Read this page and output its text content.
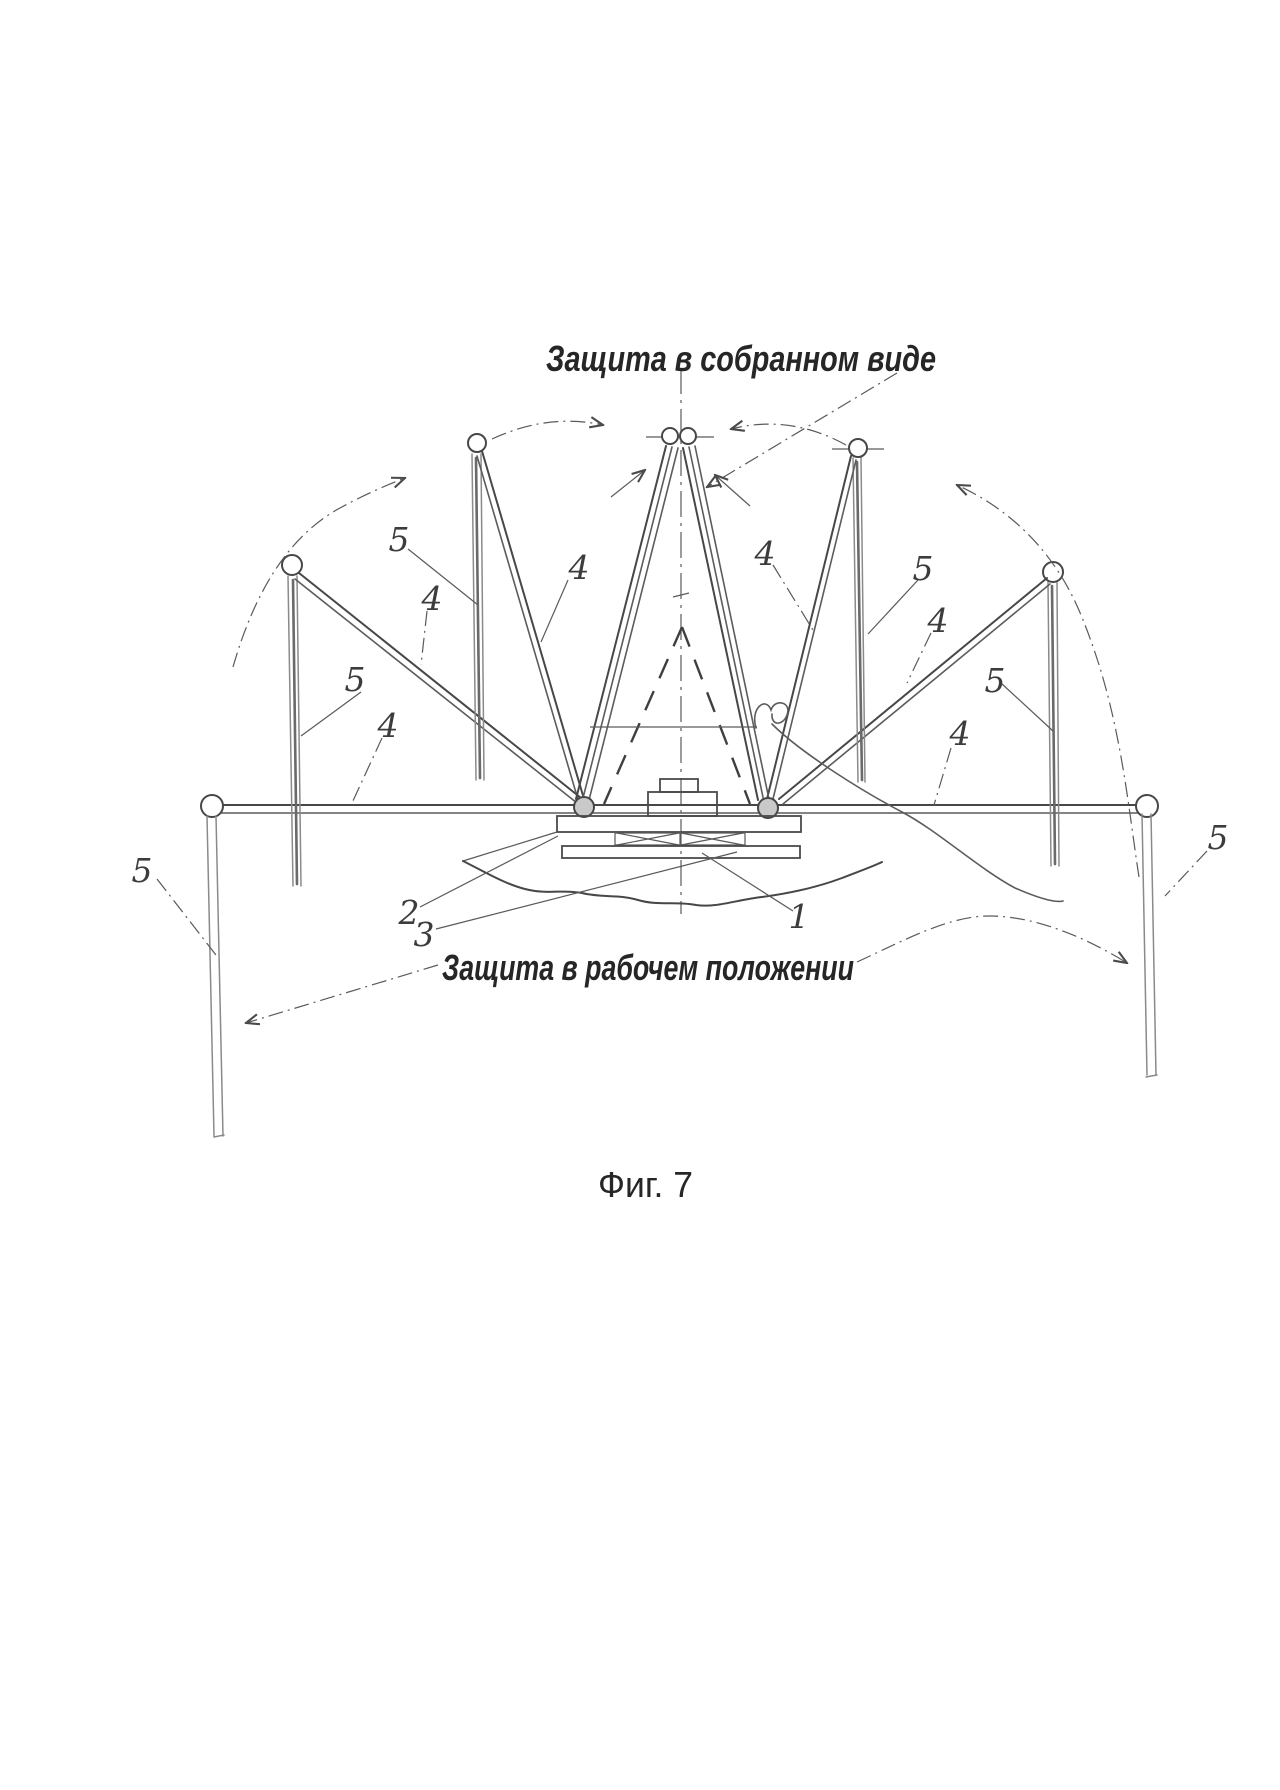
5
5
5
5
5
5
4
4
4	4
4
4
2
3	1
Защита в собранном виде
Защита в рабочем положении
Фиг. 7
